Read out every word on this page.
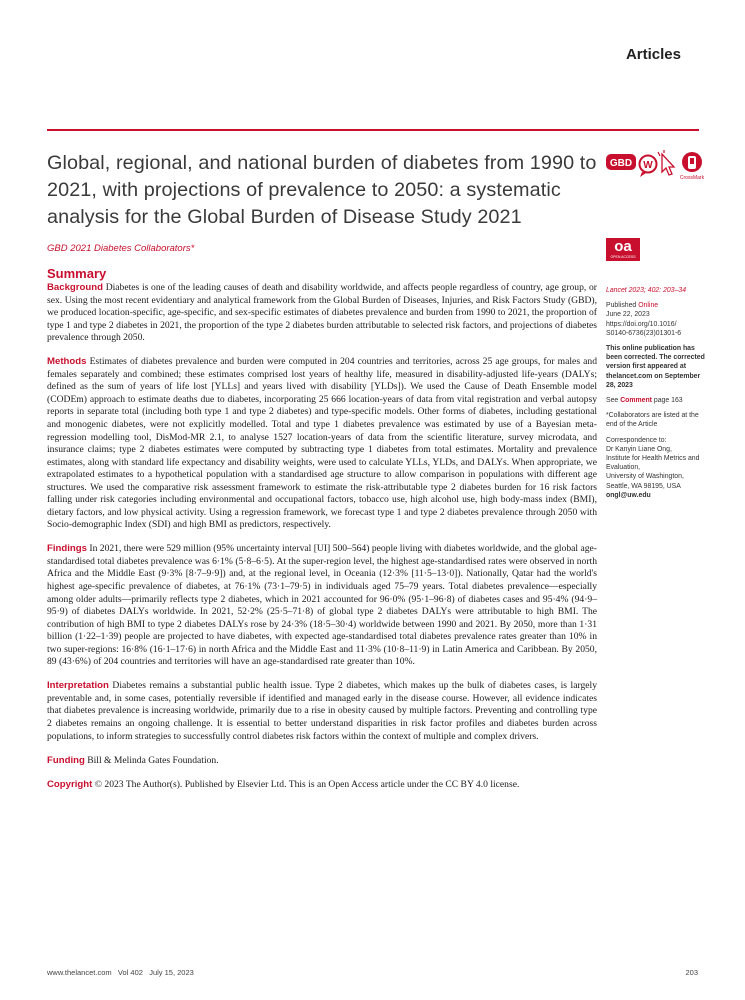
Articles
Global, regional, and national burden of diabetes from 1990 to 2021, with projections of prevalence to 2050: a systematic analysis for the Global Burden of Disease Study 2021
GBD 2021 Diabetes Collaborators*
Summary

Background Diabetes is one of the leading causes of death and disability worldwide, and affects people regardless of country, age group, or sex. Using the most recent evidentiary and analytical framework from the Global Burden of Diseases, Injuries, and Risk Factors Study (GBD), we produced location-specific, age-specific, and sex-specific estimates of diabetes prevalence and burden from 1990 to 2021, the proportion of type 1 and type 2 diabetes in 2021, the proportion of the type 2 diabetes burden attributable to selected risk factors, and projections of diabetes prevalence through 2050.

Methods Estimates of diabetes prevalence and burden were computed in 204 countries and territories, across 25 age groups, for males and females separately and combined; these estimates comprised lost years of healthy life, measured in disability-adjusted life-years (DALYs; defined as the sum of years of life lost [YLLs] and years lived with disability [YLDs]). We used the Cause of Death Ensemble model (CODEm) approach to estimate deaths due to diabetes, incorporating 25 666 location-years of data from vital registration and verbal autopsy reports in separate total (including both type 1 and type 2 diabetes) and type-specific models. Other forms of diabetes, including gestational and monogenic diabetes, were not explicitly modelled. Total and type 1 diabetes prevalence was estimated by use of a Bayesian meta-regression modelling tool, DisMod-MR 2.1, to analyse 1527 location-years of data from the scientific literature, survey microdata, and insurance claims; type 2 diabetes estimates were computed by subtracting type 1 diabetes from total estimates. Mortality and prevalence estimates, along with standard life expectancy and disability weights, were used to calculate YLLs, YLDs, and DALYs. When appropriate, we extrapolated estimates to a hypothetical population with a standardised age structure to allow comparison in populations with different age structures. We used the comparative risk assessment framework to estimate the risk-attributable type 2 diabetes burden for 16 risk factors falling under risk categories including environmental and occupational factors, tobacco use, high alcohol use, high body-mass index (BMI), dietary factors, and low physical activity. Using a regression framework, we forecast type 1 and type 2 diabetes prevalence through 2050 with Socio-demographic Index (SDI) and high BMI as predictors, respectively.

Findings In 2021, there were 529 million (95% uncertainty interval [UI] 500–564) people living with diabetes worldwide, and the global age-standardised total diabetes prevalence was 6·1% (5·8–6·5). At the super-region level, the highest age-standardised rates were observed in north Africa and the Middle East (9·3% [8·7–9·9]) and, at the regional level, in Oceania (12·3% [11·5–13·0]). Nationally, Qatar had the world's highest age-specific prevalence of diabetes, at 76·1% (73·1–79·5) in individuals aged 75–79 years. Total diabetes prevalence—especially among older adults—primarily reflects type 2 diabetes, which in 2021 accounted for 96·0% (95·1–96·8) of diabetes cases and 95·4% (94·9–95·9) of diabetes DALYs worldwide. In 2021, 52·2% (25·5–71·8) of global type 2 diabetes DALYs were attributable to high BMI. The contribution of high BMI to type 2 diabetes DALYs rose by 24·3% (18·5–30·4) worldwide between 1990 and 2021. By 2050, more than 1·31 billion (1·22–1·39) people are projected to have diabetes, with expected age-standardised total diabetes prevalence rates greater than 10% in two super-regions: 16·8% (16·1–17·6) in north Africa and the Middle East and 11·3% (10·8–11·9) in Latin America and Caribbean. By 2050, 89 (43·6%) of 204 countries and territories will have an age-standardised rate greater than 10%.

Interpretation Diabetes remains a substantial public health issue. Type 2 diabetes, which makes up the bulk of diabetes cases, is largely preventable and, in some cases, potentially reversible if identified and managed early in the disease course. However, all evidence indicates that diabetes prevalence is increasing worldwide, primarily due to a rise in obesity caused by multiple factors. Preventing and controlling type 2 diabetes remains an ongoing challenge. It is essential to better understand disparities in risk factor profiles and diabetes burden across populations, to inform strategies to successfully control diabetes risk factors within the context of multiple and complex drivers.

Funding Bill & Melinda Gates Foundation.

Copyright © 2023 The Author(s). Published by Elsevier Ltd. This is an Open Access article under the CC BY 4.0 license.

GBD W
CrossMark
oa
OPEN ACCESS
Lancet 2023; 402: 203–34
Published Online
June 22, 2023
https://doi.org/10.1016/
S0140-6736(23)01301-6
This online publication has been corrected. The corrected version first appeared at thelancet.com on September 28, 2023
See Comment page 163
*Collaborators are listed at the end of the Article
Correspondence to:
Dr Kanyin Liane Ong,
Institute for Health Metrics and Evaluation,
University of Washington,
Seattle, WA 98195, USA
ongl@uw.edu
www.thelancet.com Vol 402 July 15, 2023	203
